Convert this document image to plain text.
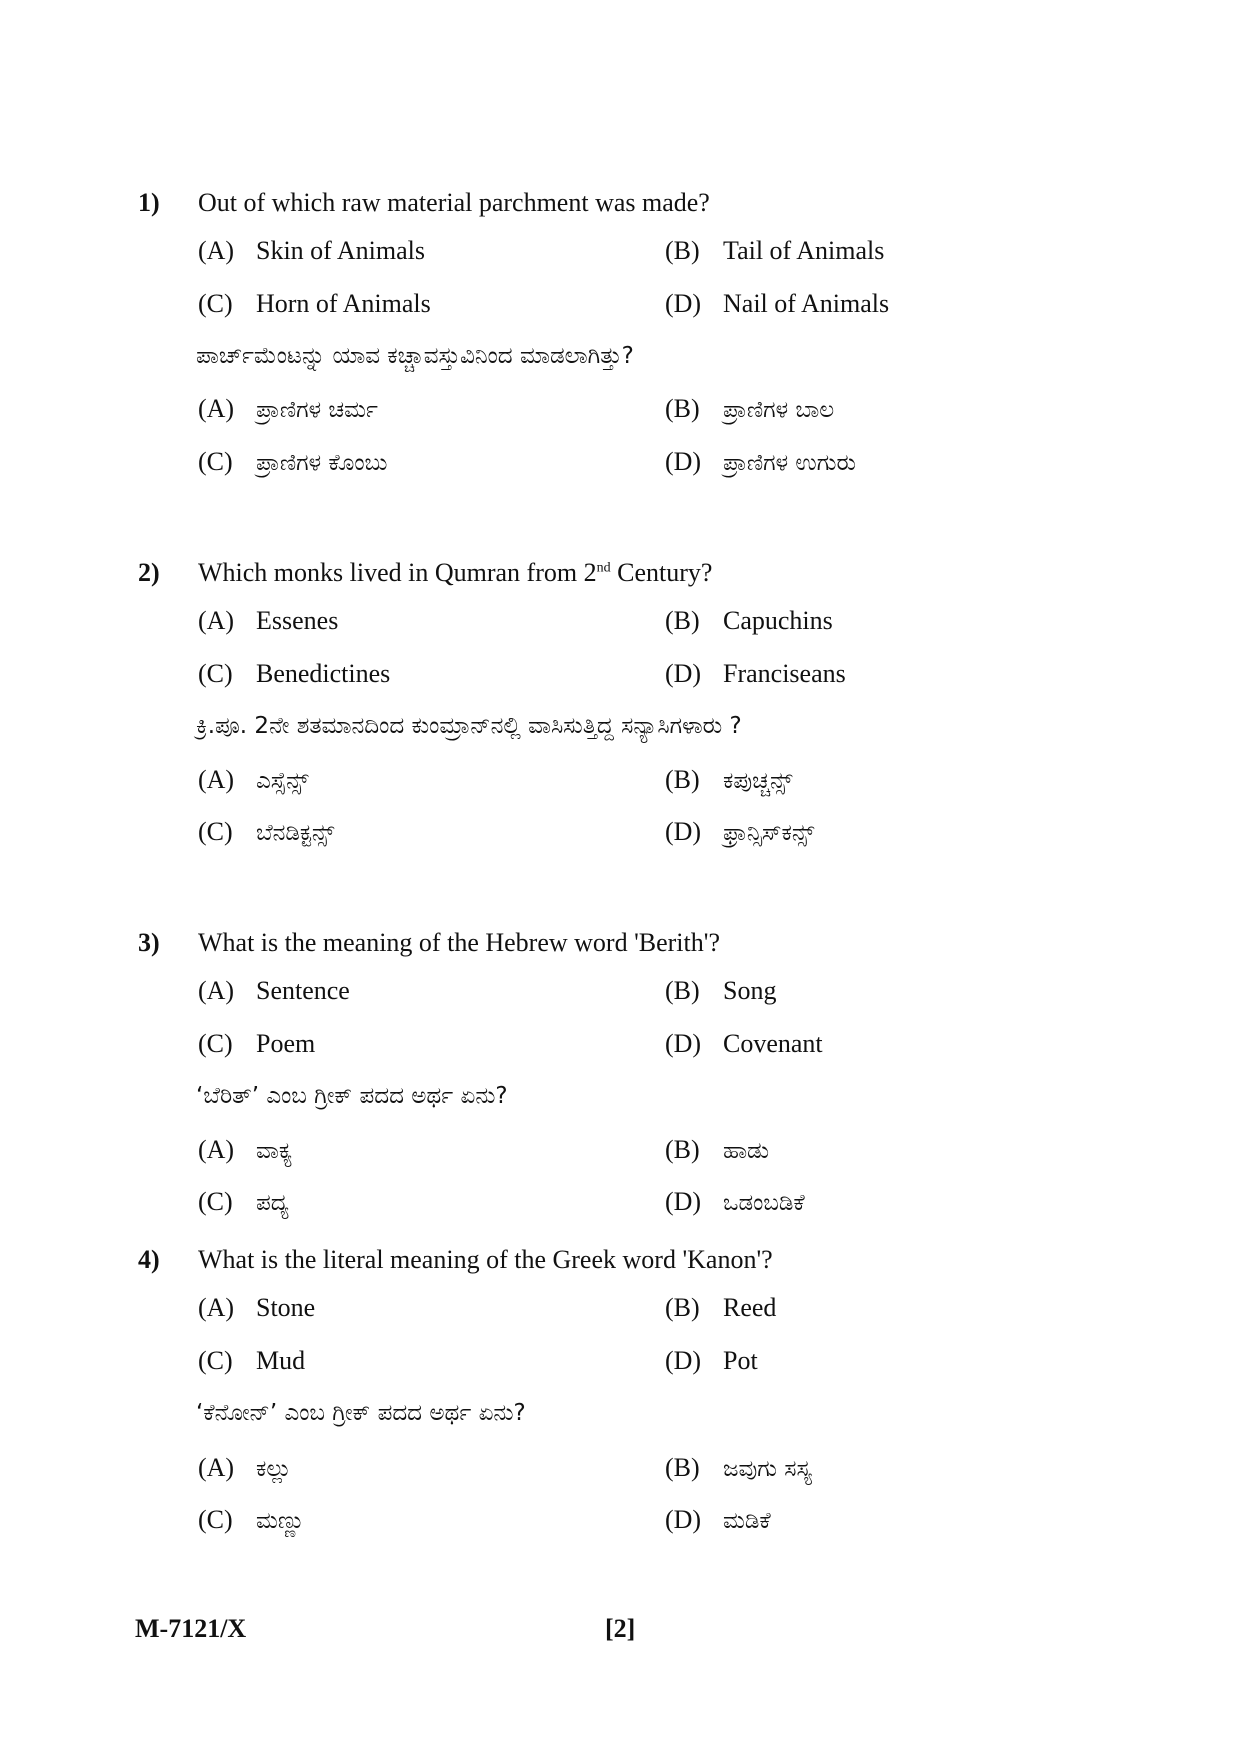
1) Out of which raw material parchment was made?
(A) Skin of Animals	(B) Tail of Animals
(C) Horn of Animals	(D) Nail of Animals
ಪಾರ್ಚ್‌ಮೆಂಟನ್ನು ಯಾವ ಕಚ್ಚಾವಸ್ತುವಿನಿಂದ ಮಾಡಲಾಗಿತ್ತು?
(A) ಪ್ರಾಣಿಗಳ ಚರ್ಮ	(B) ಪ್ರಾಣಿಗಳ ಬಾಲ
(C) ಪ್ರಾಣಿಗಳ ಕೊಂಬು	(D) ಪ್ರಾಣಿಗಳ ಉಗುರು
2) Which monks lived in Qumran from 2nd Century?
(A) Essenes	(B) Capuchins
(C) Benedictines	(D) Franciseans
ಕ್ರಿ.ಪೂ. 2ನೇ ಶತಮಾನದಿಂದ ಕುಂಮ್ರಾನ್‌ನಲ್ಲಿ ವಾಸಿಸುತ್ತಿದ್ದ ಸನ್ಯಾಸಿಗಳಾರು ?
(A) ಎಸ್ಸೆನ್ಸ್	(B) ಕಪುಚ್ಚನ್ಸ್
(C) ಬೆನಡಿಕ್ಟನ್ಸ್	(D) ಫ್ರಾನ್ಸಿಸ್‌ಕನ್ಸ್
3) What is the meaning of the Hebrew word 'Berith'?
(A) Sentence	(B) Song
(C) Poem	(D) Covenant
‘ಬೆರಿತ್’ ಎಂಬ ಗ್ರೀಕ್ ಪದದ ಅರ್ಥ ಏನು?
(A) ವಾಕ್ಯ	(B) ಹಾಡು
(C) ಪದ್ಯ	(D) ಒಡಂಬಡಿಕೆ
4) What is the literal meaning of the Greek word 'Kanon'?
(A) Stone	(B) Reed
(C) Mud	(D) Pot
‘ಕೆನೋನ್’ ಎಂಬ ಗ್ರೀಕ್ ಪದದ ಅರ್ಥ ಏನು?
(A) ಕಲ್ಲು	(B) ಜವುಗು ಸಸ್ಯ
(C) ಮಣ್ಣು	(D) ಮಡಿಕೆ
M-7121/X	[2]
